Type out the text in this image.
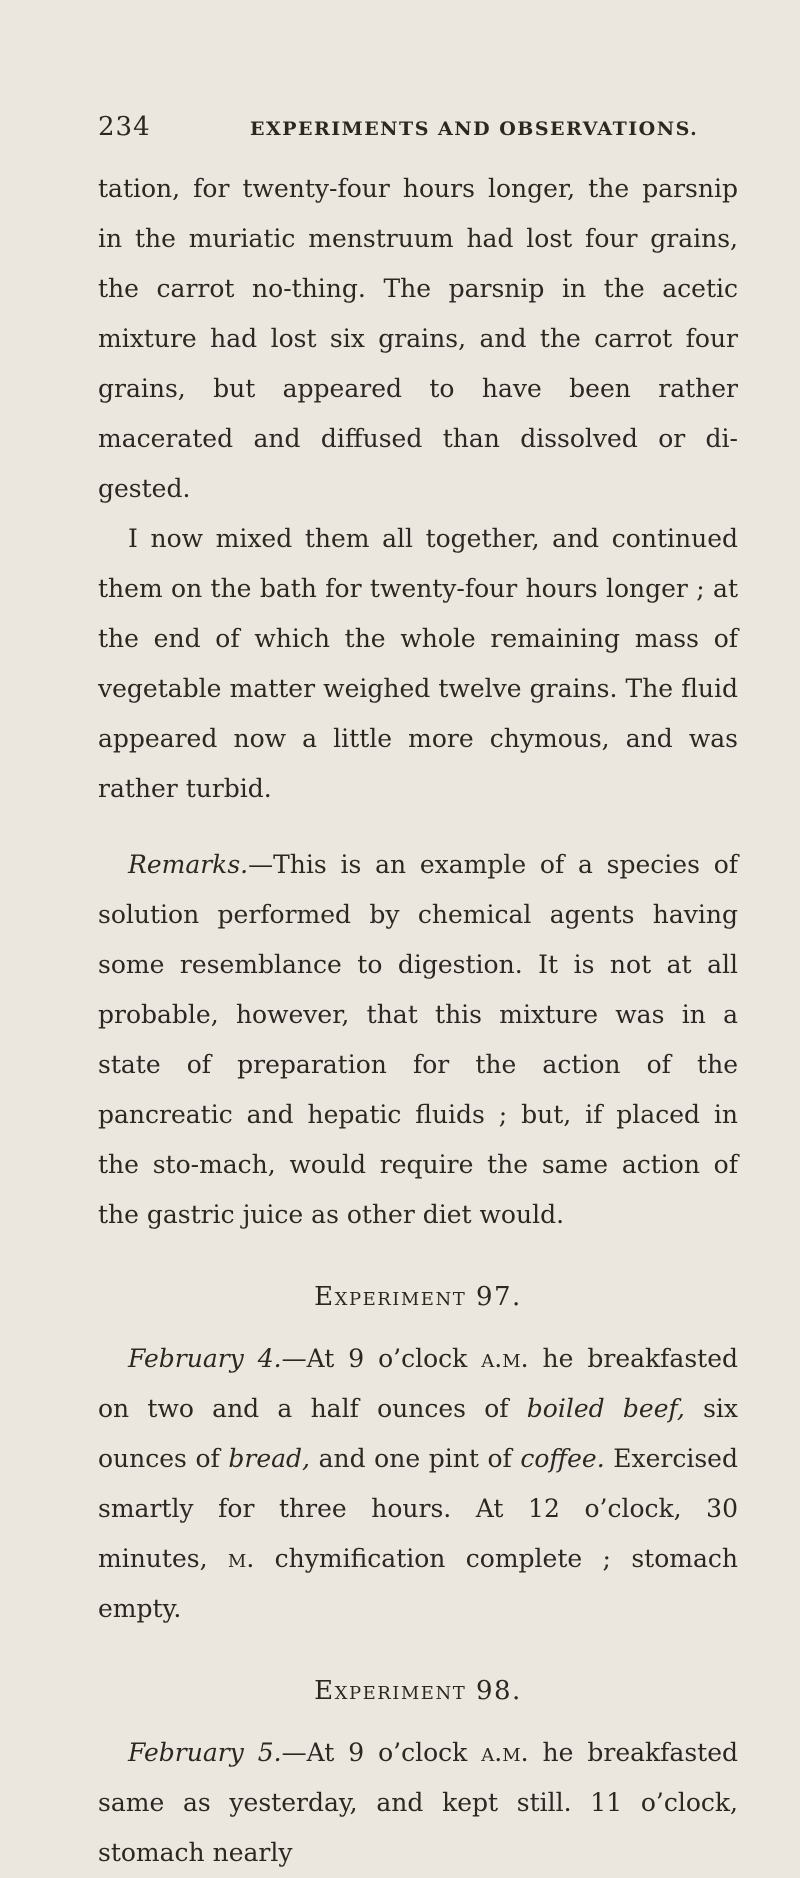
234	EXPERIMENTS AND OBSERVATIONS.

tation, for twenty-four hours longer, the parsnip in the muriatic menstruum had lost four grains, the carrot no-thing. The parsnip in the acetic mixture had lost six grains, and the carrot four grains, but appeared to have been rather macerated and diffused than dissolved or di-gested.

I now mixed them all together, and continued them on the bath for twenty-four hours longer ; at the end of which the whole remaining mass of vegetable matter weighed twelve grains. The fluid appeared now a little more chymous, and was rather turbid.

Remarks.—This is an example of a species of solution performed by chemical agents having some resemblance to digestion. It is not at all probable, however, that this mixture was in a state of preparation for the action of the pancreatic and hepatic fluids ; but, if placed in the sto-mach, would require the same action of the gastric juice as other diet would.

Experiment 97.

February 4.—At 9 o’clock a.m. he breakfasted on two and a half ounces of boiled beef, six ounces of bread, and one pint of coffee. Exercised smartly for three hours. At 12 o’clock, 30 minutes, m. chymification complete ; stomach empty.

Experiment 98.

February 5.—At 9 o’clock a.m. he breakfasted same as yesterday, and kept still. 11 o’clock, stomach nearly
